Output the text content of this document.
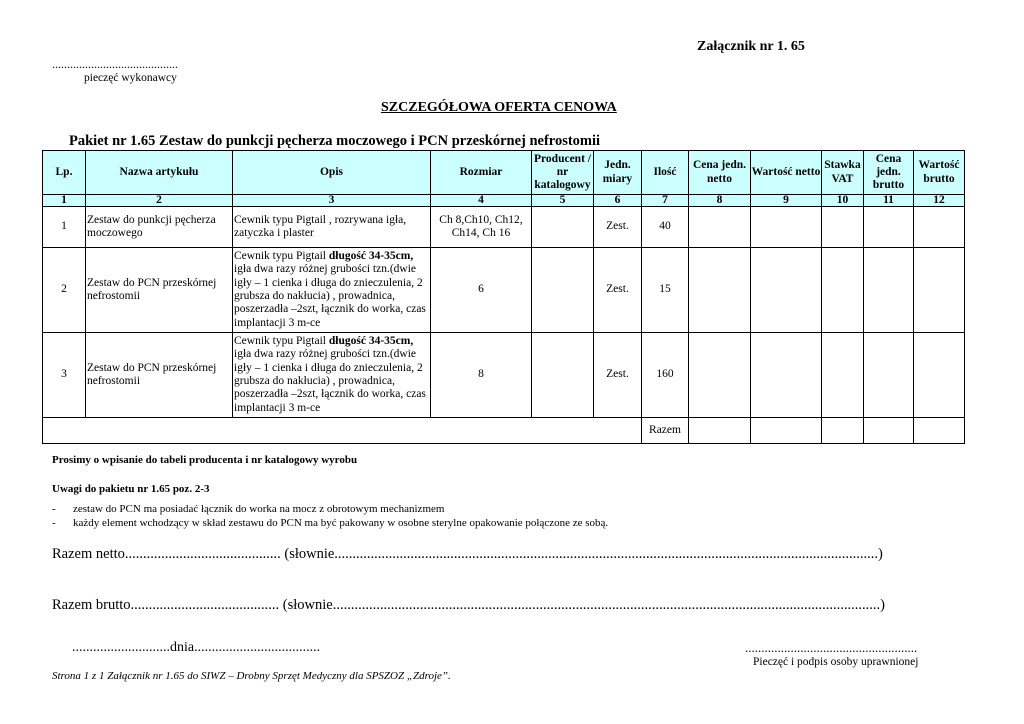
Załącznik nr 1. 65
..........................................
pieczęć wykonawcy
SZCZEGÓŁOWA OFERTA CENOWA
Pakiet nr 1.65 Zestaw do punkcji pęcherza moczowego i PCN przeskórnej nefrostomii
Lp.	Nazwa artykułu	Opis	Rozmiar	Producent / nr katalogowy	Jedn. miary	Ilość	Cena jedn. netto	Wartość netto	Stawka VAT	Cena jedn. brutto	Wartość brutto
1	2	3	4	5	6	7	8	9	10	11	12
1	Zestaw do punkcji pęcherza moczowego	Cewnik typu Pigtail , rozrywana igła, zatyczka i plaster	Ch 8,Ch10, Ch12, Ch14, Ch 16		Zest.	40					
2	Zestaw do PCN przeskórnej nefrostomii	Cewnik typu Pigtail długość 34-35cm, igła dwa razy różnej grubości tzn.(dwie igły – 1 cienka i długa do znieczulenia, 2 grubsza do nakłucia) , prowadnica, poszerzadła –2szt, łącznik do worka, czas implantacji 3 m-ce	6		Zest.	15					
3	Zestaw do PCN przeskórnej nefrostomii	Cewnik typu Pigtail długość 34-35cm, igła dwa razy różnej grubości tzn.(dwie igły – 1 cienka i długa do znieczulenia, 2 grubsza do nakłucia) , prowadnica, poszerzadła –2szt, łącznik do worka, czas implantacji 3 m-ce	8		Zest.	160					
						Razem					
Prosimy o wpisanie do tabeli producenta i nr katalogowy wyrobu
Uwagi do pakietu nr 1.65 poz. 2-3
- zestaw do PCN ma posiadać łącznik do worka na mocz z obrotowym mechanizmem
- każdy element wchodzący w skład zestawu do PCN ma być pakowany w osobne sterylne opakowanie połączone ze sobą.
Razem netto........................................... (słownie......................................................................................................................................................)
Razem brutto......................................... (słownie.......................................................................................................................................................)
............................dnia....................................	.....................................................
Pieczęć i podpis osoby uprawnionej
Strona 1 z 1 Załącznik nr 1.65 do SIWZ – Drobny Sprzęt Medyczny dla SPSZOZ „Zdroje”.
